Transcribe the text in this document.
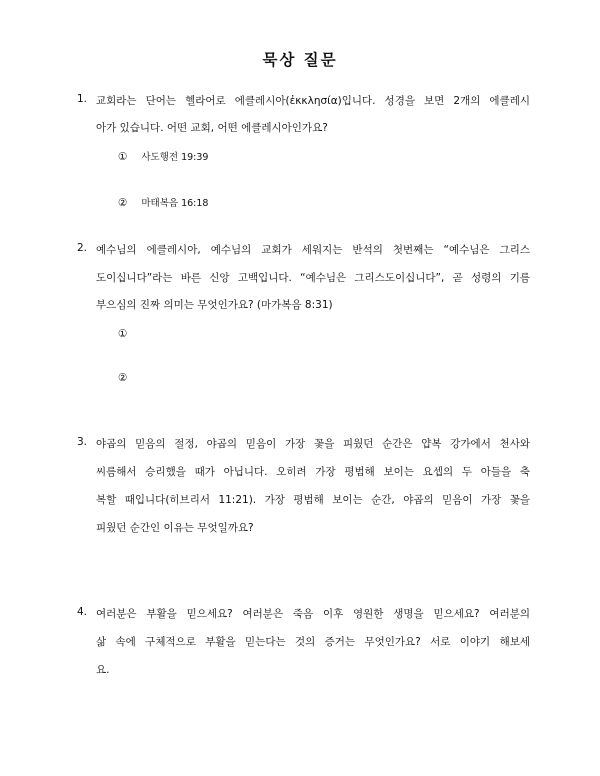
묵상 질문
1. 교회라는 단어는 헬라어로 에클레시아(ἐκκλησία)입니다. 성경을 보면 2개의 에클레시
아가 있습니다. 어떤 교회, 어떤 에클레시아인가요?
① 사도행전 19:39
② 마태복음 16:18
2. 예수님의 에클레시아, 예수님의 교회가 세워지는 반석의 첫번째는 “예수님은 그리스
도이십니다”라는 바른 신앙 고백입니다. “예수님은 그리스도이십니다”, 곧 성령의 기름
부으심의 진짜 의미는 무엇인가요? (마가복음 8:31)
①
②
3. 야곱의 믿음의 절정, 야곱의 믿음이 가장 꽃을 피웠던 순간은 얍복 강가에서 천사와
씨름해서 승리했을 때가 아닙니다. 오히려 가장 평범해 보이는 요셉의 두 아들을 축
복할 때입니다(히브리서 11:21). 가장 평범해 보이는 순간, 야곱의 믿음이 가장 꽃을
피웠던 순간인 이유는 무엇일까요?
4. 여러분은 부활을 믿으세요? 여러분은 죽음 이후 영원한 생명을 믿으세요? 여러분의
삶 속에 구체적으로 부활을 믿는다는 것의 증거는 무엇인가요? 서로 이야기 해보세
요.
